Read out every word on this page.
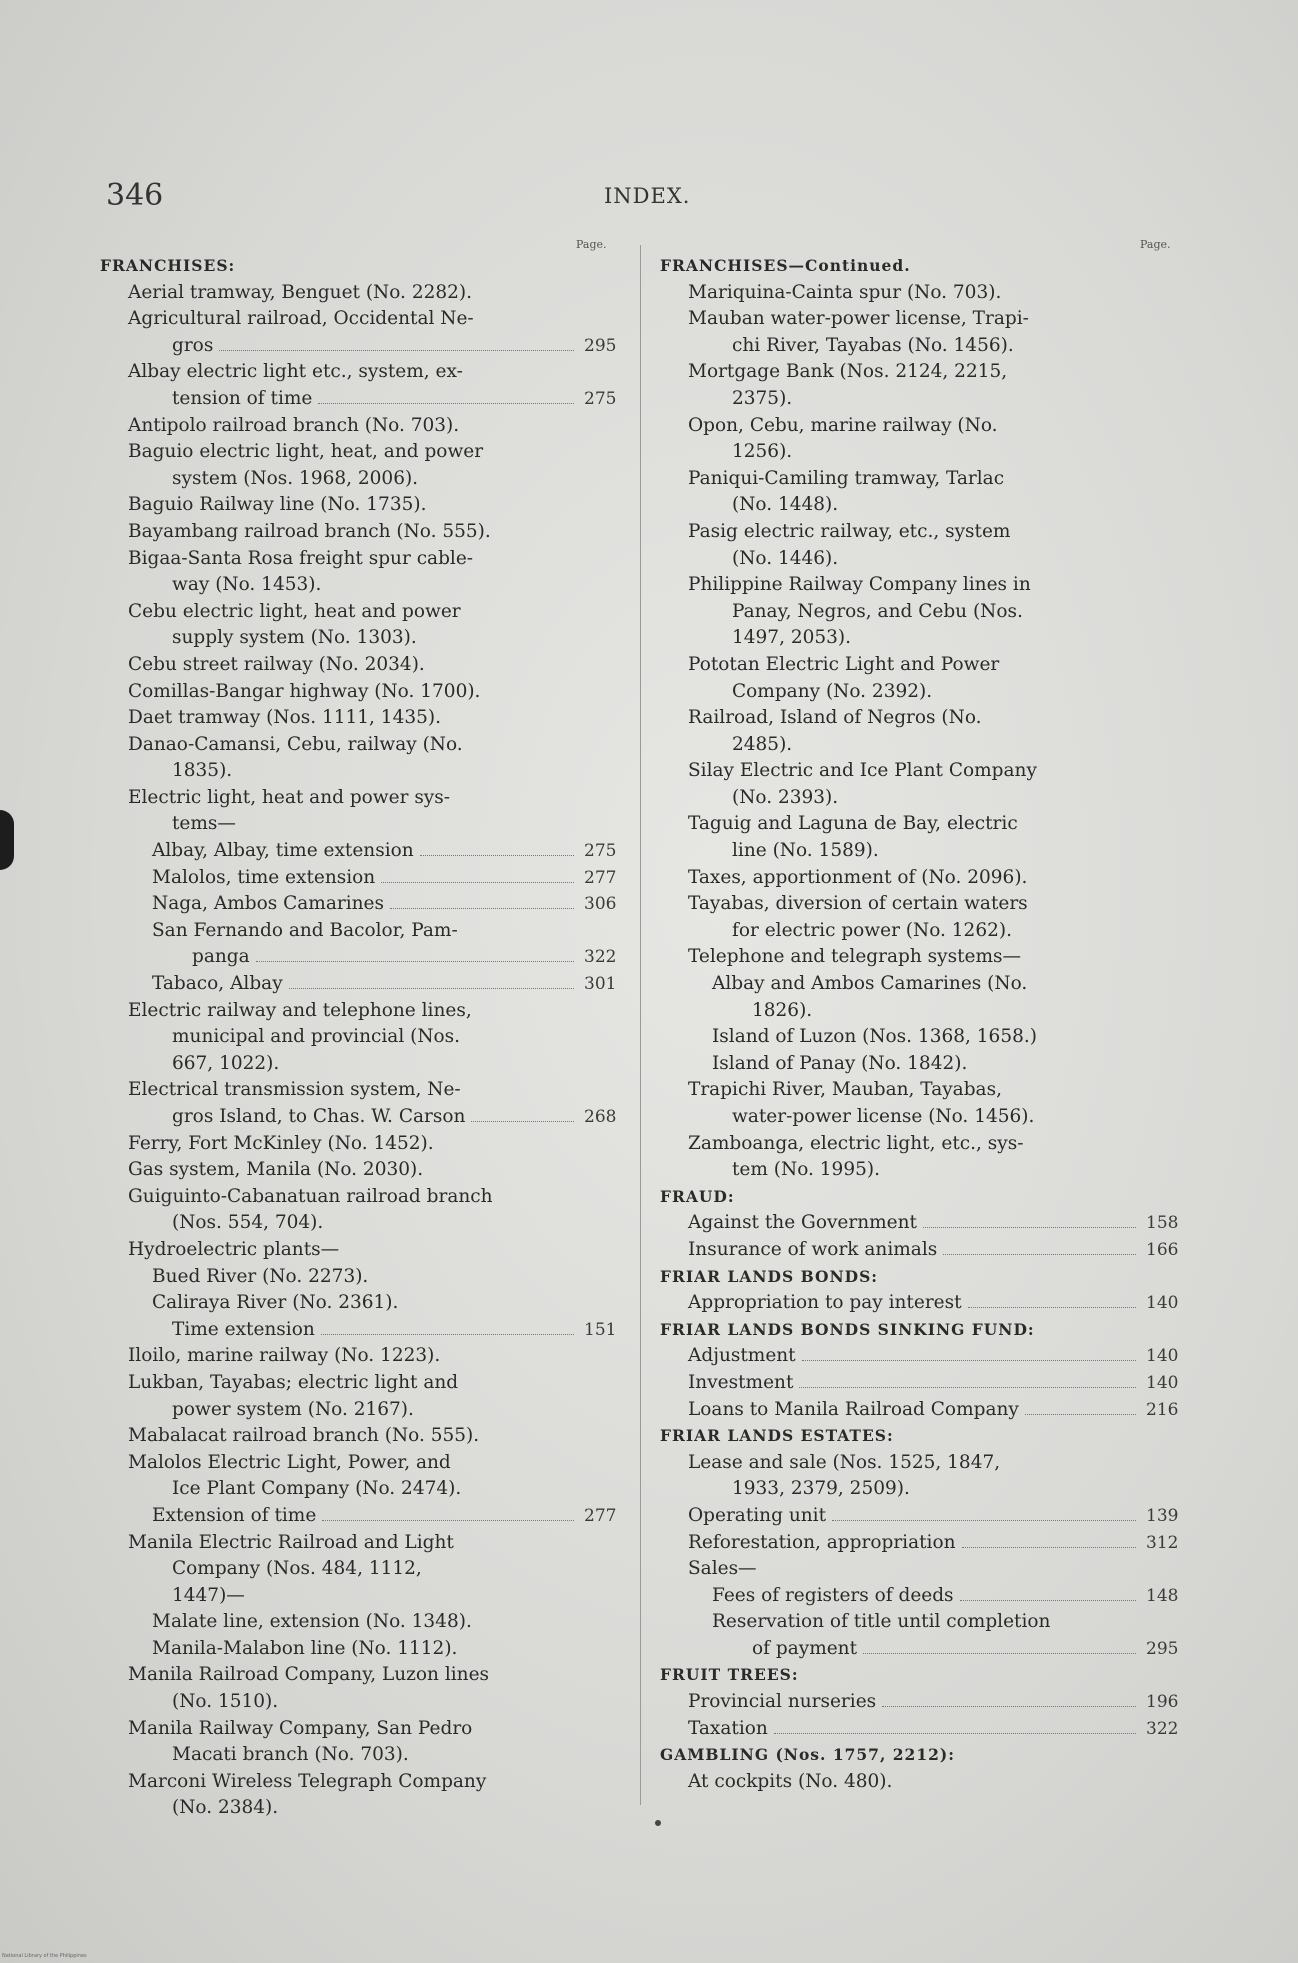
346	INDEX.
Page.
FRANCHISES:
Aerial tramway, Benguet (No. 2282).
Agricultural railroad, Occidental Ne-
gros	295
Albay electric light etc., system, ex-
tension of time	275
Antipolo railroad branch (No. 703).
Baguio electric light, heat, and power
system (Nos. 1968, 2006).
Baguio Railway line (No. 1735).
Bayambang railroad branch (No. 555).
Bigaa-Santa Rosa freight spur cable-
way (No. 1453).
Cebu electric light, heat and power
supply system (No. 1303).
Cebu street railway (No. 2034).
Comillas-Bangar highway (No. 1700).
Daet tramway (Nos. 1111, 1435).
Danao-Camansi, Cebu, railway (No.
1835).
Electric light, heat and power sys-
tems—
Albay, Albay, time extension	275
Malolos, time extension	277
Naga, Ambos Camarines	306
San Fernando and Bacolor, Pam-
panga	322
Tabaco, Albay	301
Electric railway and telephone lines,
municipal and provincial (Nos.
667, 1022).
Electrical transmission system, Ne-
gros Island, to Chas. W. Carson	268
Ferry, Fort McKinley (No. 1452).
Gas system, Manila (No. 2030).
Guiguinto-Cabanatuan railroad branch
(Nos. 554, 704).
Hydroelectric plants—
Bued River (No. 2273).
Caliraya River (No. 2361).
Time extension	151
Iloilo, marine railway (No. 1223).
Lukban, Tayabas; electric light and
power system (No. 2167).
Mabalacat railroad branch (No. 555).
Malolos Electric Light, Power, and
Ice Plant Company (No. 2474).
Extension of time	277
Manila Electric Railroad and Light
Company (Nos. 484, 1112,
1447)—
Malate line, extension (No. 1348).
Manila-Malabon line (No. 1112).
Manila Railroad Company, Luzon lines
(No. 1510).
Manila Railway Company, San Pedro
Macati branch (No. 703).
Marconi Wireless Telegraph Company
(No. 2384).
Page.
FRANCHISES—Continued.
Mariquina-Cainta spur (No. 703).
Mauban water-power license, Trapi-
chi River, Tayabas (No. 1456).
Mortgage Bank (Nos. 2124, 2215,
2375).
Opon, Cebu, marine railway (No.
1256).
Paniqui-Camiling tramway, Tarlac
(No. 1448).
Pasig electric railway, etc., system
(No. 1446).
Philippine Railway Company lines in
Panay, Negros, and Cebu (Nos.
1497, 2053).
Pototan Electric Light and Power
Company (No. 2392).
Railroad, Island of Negros (No.
2485).
Silay Electric and Ice Plant Company
(No. 2393).
Taguig and Laguna de Bay, electric
line (No. 1589).
Taxes, apportionment of (No. 2096).
Tayabas, diversion of certain waters
for electric power (No. 1262).
Telephone and telegraph systems—
Albay and Ambos Camarines (No.
1826).
Island of Luzon (Nos. 1368, 1658.)
Island of Panay (No. 1842).
Trapichi River, Mauban, Tayabas,
water-power license (No. 1456).
Zamboanga, electric light, etc., sys-
tem (No. 1995).
FRAUD:
Against the Government	158
Insurance of work animals	166
FRIAR LANDS BONDS:
Appropriation to pay interest	140
FRIAR LANDS BONDS SINKING FUND:
Adjustment	140
Investment	140
Loans to Manila Railroad Company	216
FRIAR LANDS ESTATES:
Lease and sale (Nos. 1525, 1847,
1933, 2379, 2509).
Operating unit	139
Reforestation, appropriation	312
Sales—
Fees of registers of deeds	148
Reservation of title until completion
of payment	295
FRUIT TREES:
Provincial nurseries	196
Taxation	322
GAMBLING (Nos. 1757, 2212):
At cockpits (No. 480).
National Library of the Philippines
